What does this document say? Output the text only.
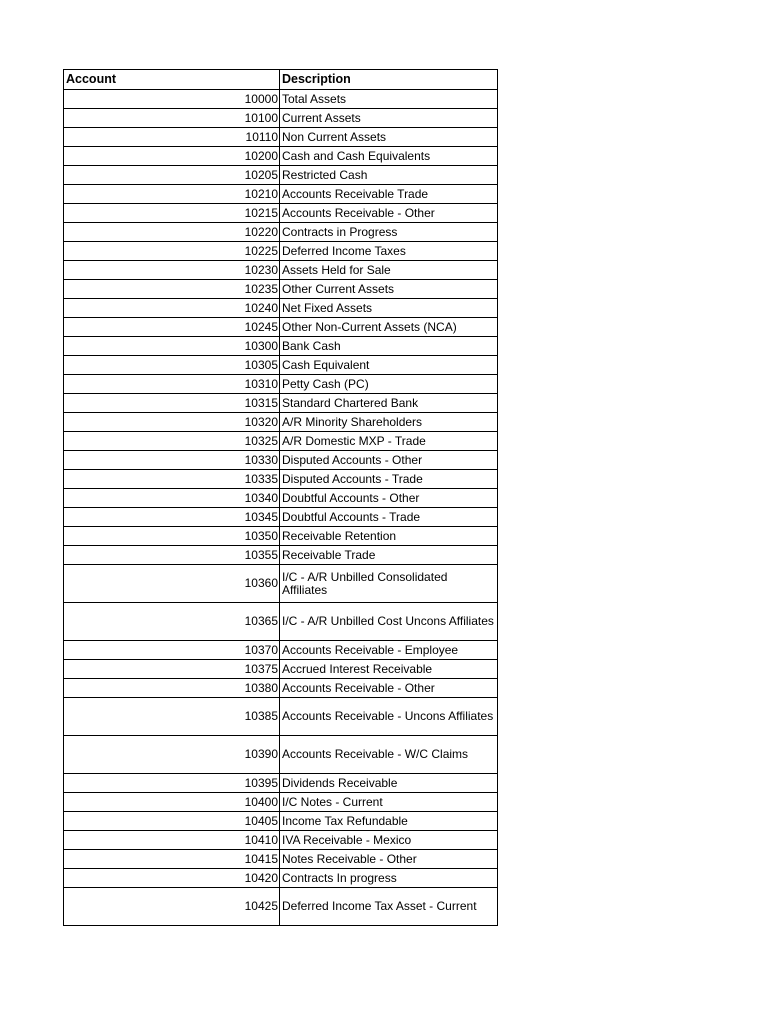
Account	Description
10000	Total Assets
10100	Current Assets
10110	Non Current Assets
10200	Cash and Cash Equivalents
10205	Restricted Cash
10210	Accounts Receivable Trade
10215	Accounts Receivable - Other
10220	Contracts in Progress
10225	Deferred Income Taxes
10230	Assets Held for Sale
10235	Other Current Assets
10240	Net Fixed Assets
10245	Other Non-Current Assets (NCA)
10300	Bank Cash
10305	Cash Equivalent
10310	Petty Cash (PC)
10315	Standard Chartered Bank
10320	A/R Minority Shareholders
10325	A/R Domestic MXP - Trade
10330	Disputed Accounts - Other
10335	Disputed Accounts - Trade
10340	Doubtful Accounts - Other
10345	Doubtful Accounts - Trade
10350	Receivable Retention
10355	Receivable Trade
10360	I/C - A/R Unbilled Consolidated Affiliates
10365	I/C - A/R Unbilled Cost Uncons Affiliates
10370	Accounts Receivable - Employee
10375	Accrued Interest Receivable
10380	Accounts Receivable - Other
10385	Accounts Receivable - Uncons Affiliates
10390	Accounts Receivable - W/C Claims
10395	Dividends Receivable
10400	I/C Notes - Current
10405	Income Tax Refundable
10410	IVA Receivable - Mexico
10415	Notes Receivable - Other
10420	Contracts In progress
10425	Deferred Income Tax Asset - Current
